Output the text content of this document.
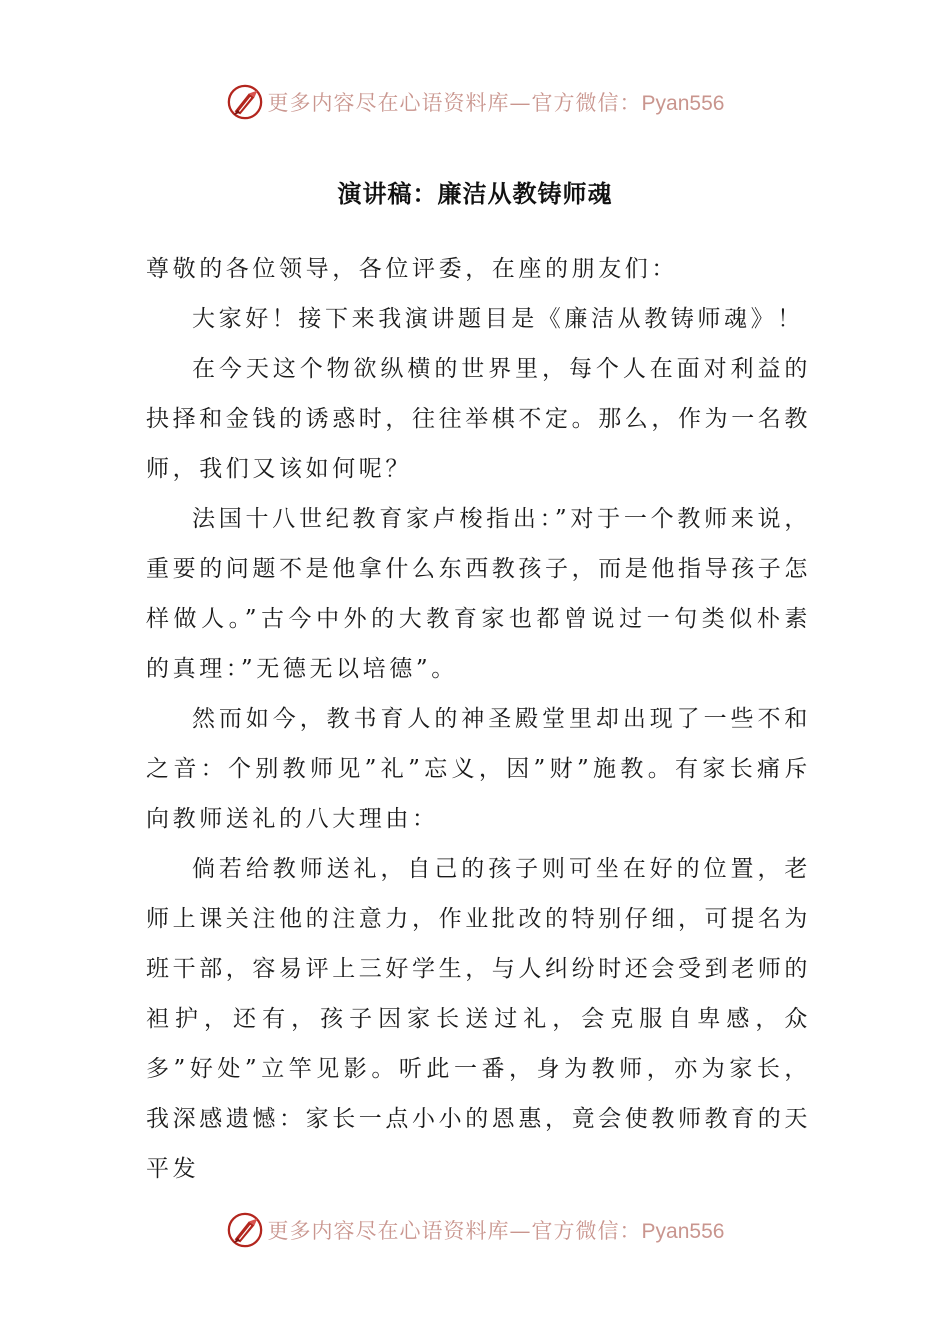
更多内容尽在心语资料库—官方微信：Pyan556
演讲稿：廉洁从教铸师魂

尊敬的各位领导，各位评委，在座的朋友们：

大家好！接下来我演讲题目是《廉洁从教铸师魂》！

在今天这个物欲纵横的世界里，每个人在面对利益的抉择和金钱的诱惑时，往往举棋不定。那么，作为一名教师，我们又该如何呢？

法国十八世纪教育家卢梭指出：”对于一个教师来说，重要的问题不是他拿什么东西教孩子，而是他指导孩子怎样做人。”古今中外的大教育家也都曾说过一句类似朴素的真理：”无德无以培德”。

然而如今，教书育人的神圣殿堂里却出现了一些不和之音：个别教师见”礼”忘义，因”财”施教。有家长痛斥向教师送礼的八大理由：

倘若给教师送礼，自己的孩子则可坐在好的位置，老师上课关注他的注意力，作业批改的特别仔细，可提名为班干部，容易评上三好学生，与人纠纷时还会受到老师的袒护，还有，孩子因家长送过礼，会克服自卑感，众多”好处”立竿见影。听此一番，身为教师，亦为家长，我深感遗憾：家长一点小小的恩惠，竟会使教师教育的天平发

更多内容尽在心语资料库—官方微信：Pyan556
